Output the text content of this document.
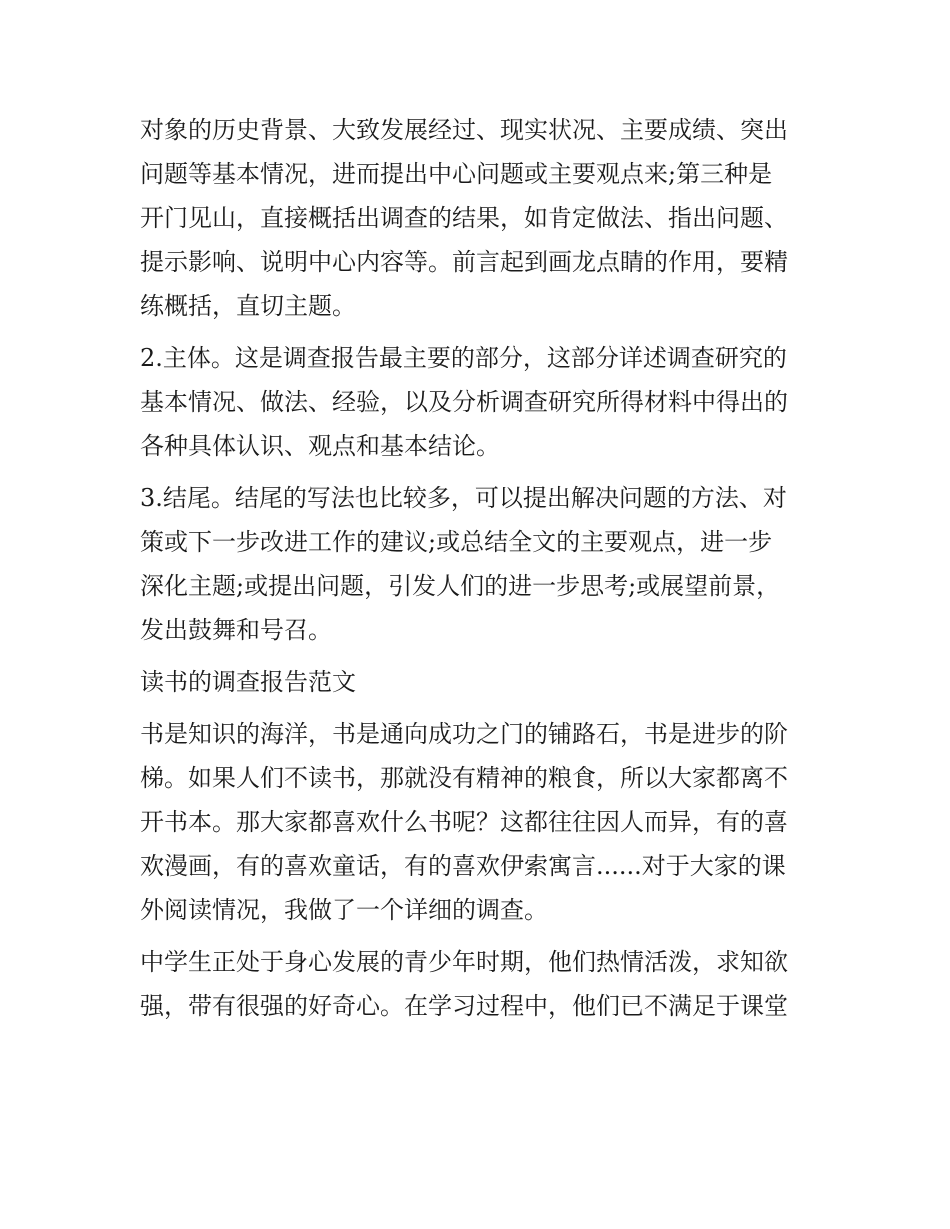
对象的历史背景、大致发展经过、现实状况、主要成绩、突出
问题等基本情况，进而提出中心问题或主要观点来;第三种是
开门见山，直接概括出调查的结果，如肯定做法、指出问题、
提示影响、说明中心内容等。前言起到画龙点睛的作用，要精
练概括，直切主题。
2.主体。这是调查报告最主要的部分，这部分详述调查研究的
基本情况、做法、经验，以及分析调查研究所得材料中得出的
各种具体认识、观点和基本结论。
3.结尾。结尾的写法也比较多，可以提出解决问题的方法、对
策或下一步改进工作的建议;或总结全文的主要观点，进一步
深化主题;或提出问题，引发人们的进一步思考;或展望前景，
发出鼓舞和号召。
读书的调查报告范文
书是知识的海洋，书是通向成功之门的铺路石，书是进步的阶
梯。如果人们不读书，那就没有精神的粮食，所以大家都离不
开书本。那大家都喜欢什么书呢？这都往往因人而异，有的喜
欢漫画，有的喜欢童话，有的喜欢伊索寓言......对于大家的课
外阅读情况，我做了一个详细的调查。
中学生正处于身心发展的青少年时期，他们热情活泼，求知欲
强，带有很强的好奇心。在学习过程中，他们已不满足于课堂
